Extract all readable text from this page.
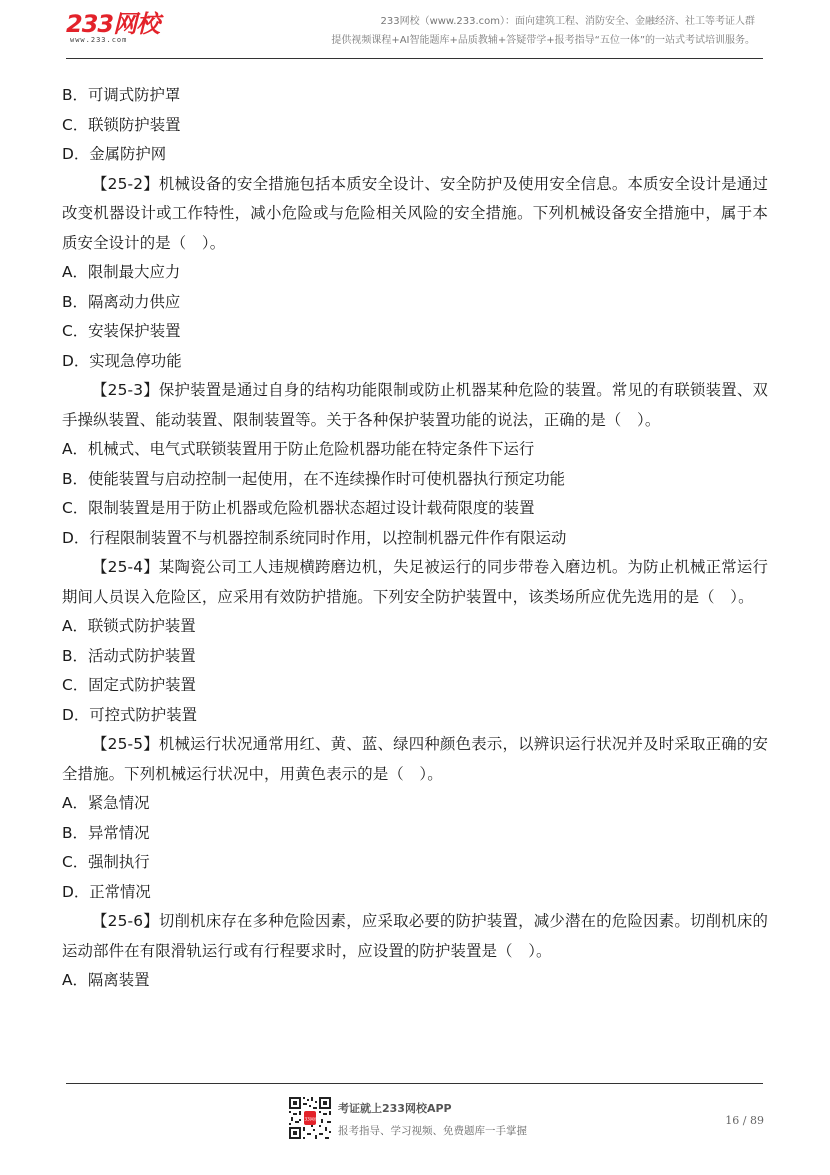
233网校
www.233.com
233网校（www.233.com）：面向建筑工程、消防安全、金融经济、社工等考证人群
提供视频课程+AI智能题库+品质教辅+答疑带学+报考指导“五位一体”的一站式考试培训服务。

B．可调式防护罩

C．联锁防护装置

D．金属防护网

【25-2】机械设备的安全措施包括本质安全设计、安全防护及使用安全信息。本质安全设计是通过改变机器设计或工作特性，减小危险或与危险相关风险的安全措施。下列机械设备安全措施中，属于本质安全设计的是（　）。

A．限制最大应力

B．隔离动力供应

C．安装保护装置

D．实现急停功能

【25-3】保护装置是通过自身的结构功能限制或防止机器某种危险的装置。常见的有联锁装置、双手操纵装置、能动装置、限制装置等。关于各种保护装置功能的说法，正确的是（　）。

A．机械式、电气式联锁装置用于防止危险机器功能在特定条件下运行

B．使能装置与启动控制一起使用，在不连续操作时可使机器执行预定功能

C．限制装置是用于防止机器或危险机器状态超过设计载荷限度的装置

D．行程限制装置不与机器控制系统同时作用，以控制机器元件作有限运动

【25-4】某陶瓷公司工人违规横跨磨边机，失足被运行的同步带卷入磨边机。为防止机械正常运行期间人员误入危险区，应采用有效防护措施。下列安全防护装置中，该类场所应优先选用的是（　）。

A．联锁式防护装置

B．活动式防护装置

C．固定式防护装置

D．可控式防护装置

【25-5】机械运行状况通常用红、黄、蓝、绿四种颜色表示，以辨识运行状况并及时采取正确的安全措施。下列机械运行状况中，用黄色表示的是（　）。

A．紧急情况

B．异常情况

C．强制执行

D．正常情况

【25-6】切削机床存在多种危险因素，应采取必要的防护装置，减少潜在的危险因素。切削机床的运动部件在有限滑轨运行或有行程要求时，应设置的防护装置是（　）。

A．隔离装置

233网校
考证就上233网校APP
报考指导、学习视频、免费题库一手掌握
16 / 89
